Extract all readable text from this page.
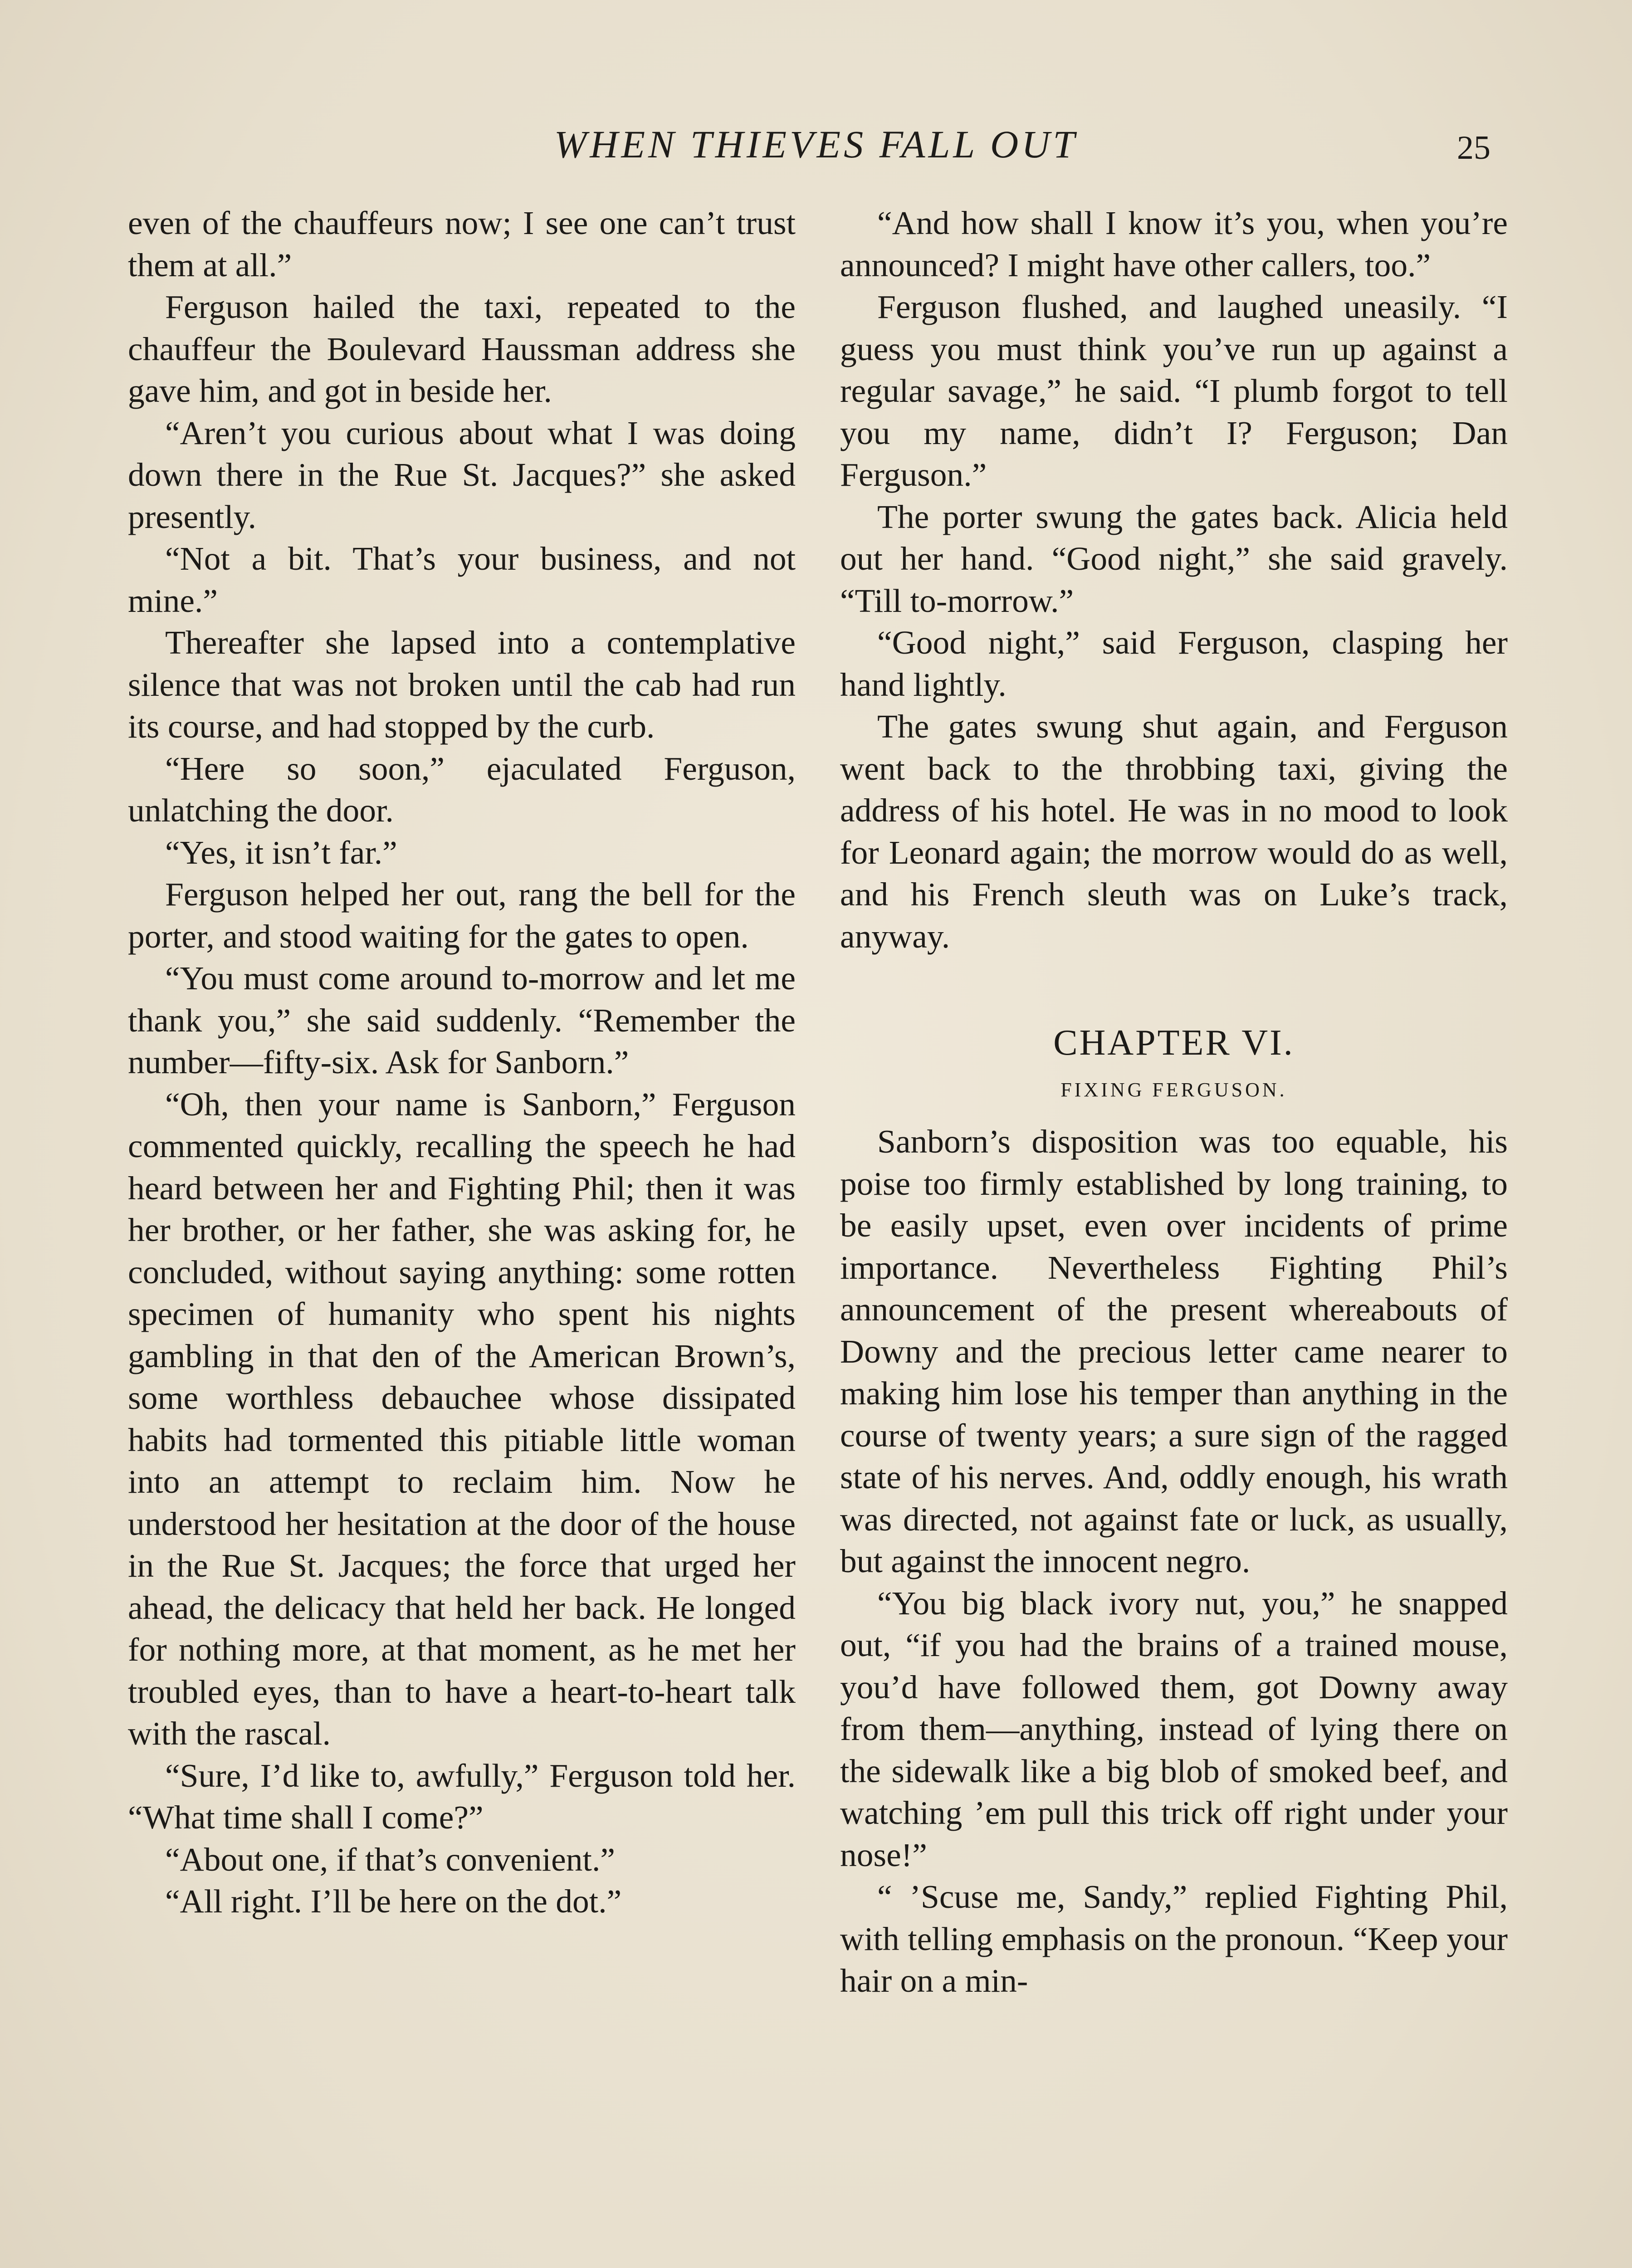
WHEN THIEVES FALL OUT	25

even of the chauffeurs now; I see one can’t trust them at all.”

Ferguson hailed the taxi, repeated to the chauffeur the Boulevard Haussman address she gave him, and got in beside her.

“Aren’t you curious about what I was doing down there in the Rue St. Jacques?” she asked presently.

“Not a bit. That’s your business, and not mine.”

Thereafter she lapsed into a contemplative silence that was not broken until the cab had run its course, and had stopped by the curb.

“Here so soon,” ejaculated Ferguson, unlatching the door.

“Yes, it isn’t far.”

Ferguson helped her out, rang the bell for the porter, and stood waiting for the gates to open.

“You must come around to-morrow and let me thank you,” she said suddenly. “Remember the number—fifty-six. Ask for Sanborn.”

“Oh, then your name is Sanborn,” Ferguson commented quickly, recalling the speech he had heard between her and Fighting Phil; then it was her brother, or her father, she was asking for, he concluded, without saying anything: some rotten specimen of humanity who spent his nights gambling in that den of the American Brown’s, some worthless debauchee whose dissipated habits had tormented this pitiable little woman into an attempt to reclaim him. Now he understood her hesitation at the door of the house in the Rue St. Jacques; the force that urged her ahead, the delicacy that held her back. He longed for nothing more, at that moment, as he met her troubled eyes, than to have a heart-to-heart talk with the rascal.

“Sure, I’d like to, awfully,” Ferguson told her. “What time shall I come?”

“About one, if that’s convenient.”

“All right. I’ll be here on the dot.”

“And how shall I know it’s you, when you’re announced? I might have other callers, too.”

Ferguson flushed, and laughed uneasily. “I guess you must think you’ve run up against a regular savage,” he said. “I plumb forgot to tell you my name, didn’t I? Ferguson; Dan Ferguson.”

The porter swung the gates back. Alicia held out her hand. “Good night,” she said gravely. “Till to-morrow.”

“Good night,” said Ferguson, clasping her hand lightly.

The gates swung shut again, and Ferguson went back to the throbbing taxi, giving the address of his hotel. He was in no mood to look for Leonard again; the morrow would do as well, and his French sleuth was on Luke’s track, anyway.

CHAPTER VI.
FIXING FERGUSON.

Sanborn’s disposition was too equable, his poise too firmly established by long training, to be easily upset, even over incidents of prime importance. Nevertheless Fighting Phil’s announcement of the present whereabouts of Downy and the precious letter came nearer to making him lose his temper than anything in the course of twenty years; a sure sign of the ragged state of his nerves. And, oddly enough, his wrath was directed, not against fate or luck, as usually, but against the innocent negro.

“You big black ivory nut, you,” he snapped out, “if you had the brains of a trained mouse, you’d have followed them, got Downy away from them—anything, instead of lying there on the sidewalk like a big blob of smoked beef, and watching ’em pull this trick off right under your nose!”

“ ’Scuse me, Sandy,” replied Fighting Phil, with telling emphasis on the pronoun. “Keep your hair on a min-
